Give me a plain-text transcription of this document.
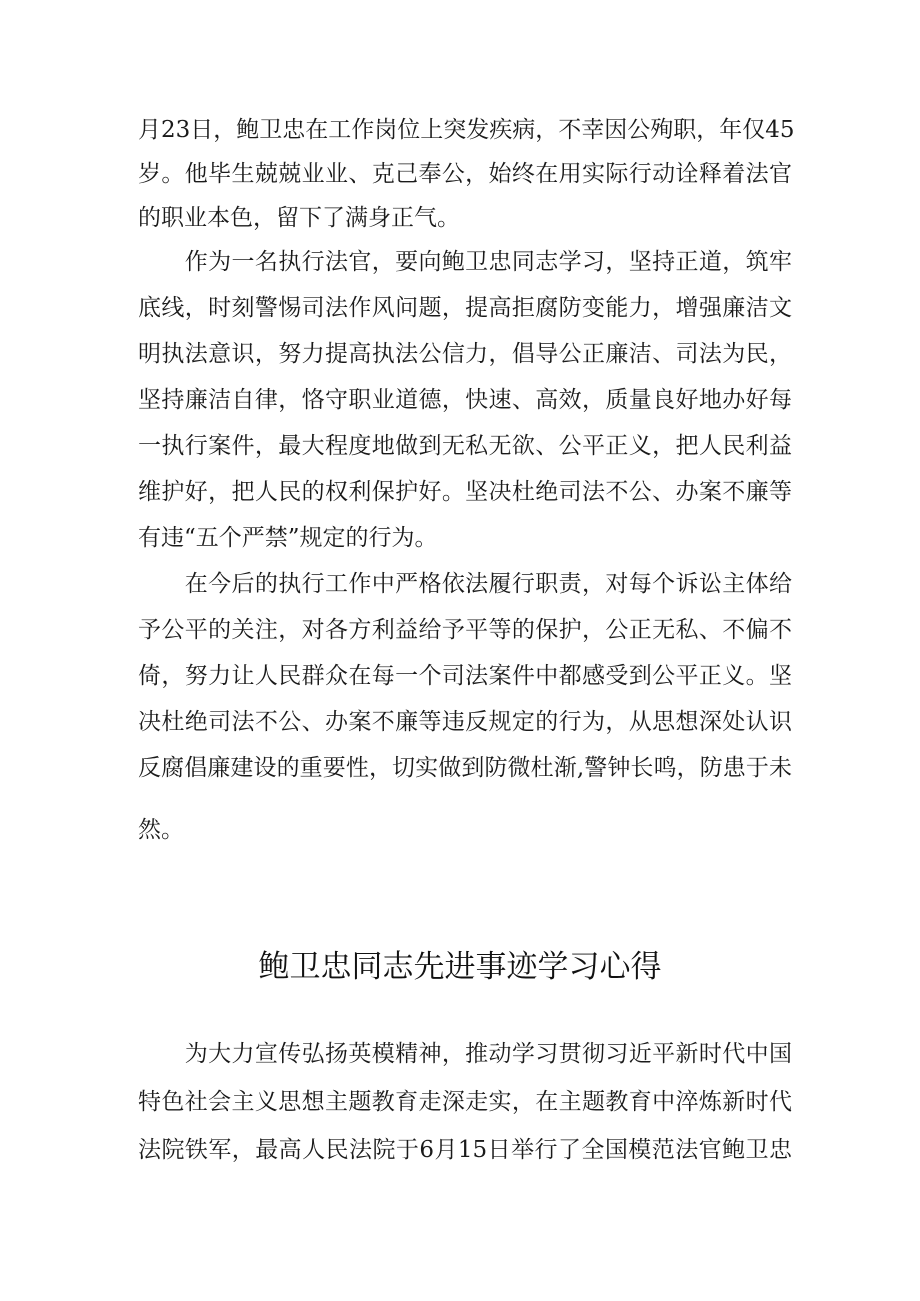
月23日，鲍卫忠在工作岗位上突发疾病，不幸因公殉职，年仅45
岁。他毕生兢兢业业、克己奉公，始终在用实际行动诠释着法官
的职业本色，留下了满身正气。
　　作为一名执行法官，要向鲍卫忠同志学习，坚持正道，筑牢
底线，时刻警惕司法作风问题，提高拒腐防变能力，增强廉洁文
明执法意识，努力提高执法公信力，倡导公正廉洁、司法为民，
坚持廉洁自律，恪守职业道德，快速、高效，质量良好地办好每
一执行案件，最大程度地做到无私无欲、公平正义，把人民利益
维护好，把人民的权利保护好。坚决杜绝司法不公、办案不廉等
有违“五个严禁”规定的行为。
　　在今后的执行工作中严格依法履行职责，对每个诉讼主体给
予公平的关注，对各方利益给予平等的保护，公正无私、不偏不
倚，努力让人民群众在每一个司法案件中都感受到公平正义。坚
决杜绝司法不公、办案不廉等违反规定的行为，从思想深处认识
反腐倡廉建设的重要性，切实做到防微杜渐,警钟长鸣，防患于未
然。
鲍卫忠同志先进事迹学习心得
　　为大力宣传弘扬英模精神，推动学习贯彻习近平新时代中国
特色社会主义思想主题教育走深走实，在主题教育中淬炼新时代
法院铁军，最高人民法院于6月15日举行了全国模范法官鲍卫忠
